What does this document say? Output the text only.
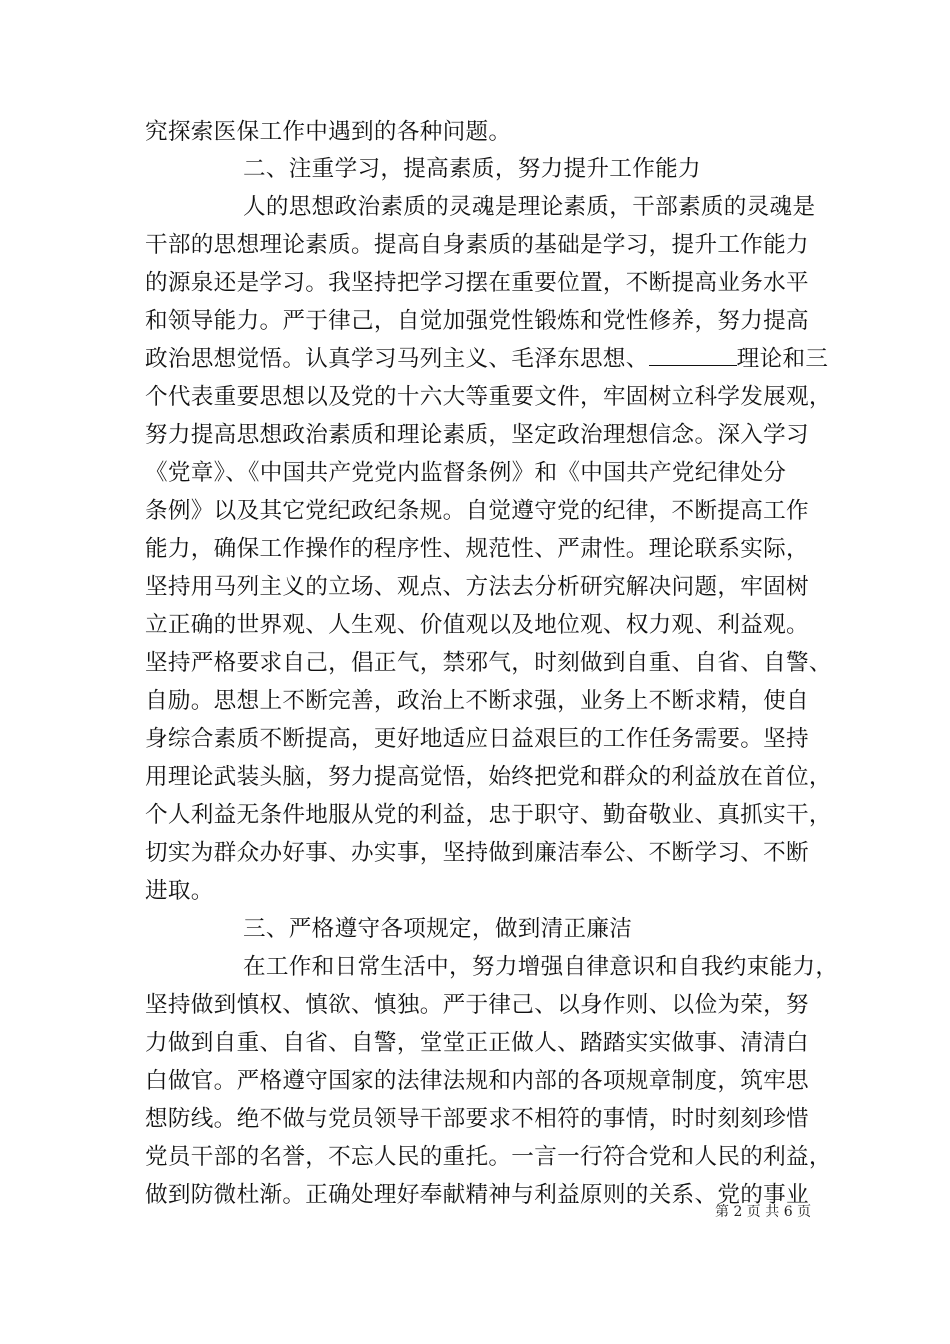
究探索医保工作中遇到的各种问题。
二、注重学习，提高素质，努力提升工作能力
人的思想政治素质的灵魂是理论素质，干部素质的灵魂是
干部的思想理论素质。提高自身素质的基础是学习，提升工作能力
的源泉还是学习。我坚持把学习摆在重要位置，不断提高业务水平
和领导能力。严于律己，自觉加强党性锻炼和党性修养，努力提高
政治思想觉悟。认真学习马列主义、毛泽东思想、	理论和三
个代表重要思想以及党的十六大等重要文件，牢固树立科学发展观，
努力提高思想政治素质和理论素质，坚定政治理想信念。深入学习
《党章》、《中国共产党党内监督条例》和《中国共产党纪律处分
条例》以及其它党纪政纪条规。自觉遵守党的纪律，不断提高工作
能力，确保工作操作的程序性、规范性、严肃性。理论联系实际，
坚持用马列主义的立场、观点、方法去分析研究解决问题，牢固树
立正确的世界观、人生观、价值观以及地位观、权力观、利益观。
坚持严格要求自己，倡正气，禁邪气，时刻做到自重、自省、自警、
自励。思想上不断完善，政治上不断求强，业务上不断求精，使自
身综合素质不断提高，更好地适应日益艰巨的工作任务需要。坚持
用理论武装头脑，努力提高觉悟，始终把党和群众的利益放在首位，
个人利益无条件地服从党的利益，忠于职守、勤奋敬业、真抓实干，
切实为群众办好事、办实事，坚持做到廉洁奉公、不断学习、不断
进取。
三、严格遵守各项规定，做到清正廉洁
在工作和日常生活中，努力增强自律意识和自我约束能力，
坚持做到慎权、慎欲、慎独。严于律己、以身作则、以俭为荣，努
力做到自重、自省、自警，堂堂正正做人、踏踏实实做事、清清白
白做官。严格遵守国家的法律法规和内部的各项规章制度，筑牢思
想防线。绝不做与党员领导干部要求不相符的事情，时时刻刻珍惜
党员干部的名誉，不忘人民的重托。一言一行符合党和人民的利益，
做到防微杜渐。正确处理好奉献精神与利益原则的关系、党的事业
第 2 页 共 6 页
